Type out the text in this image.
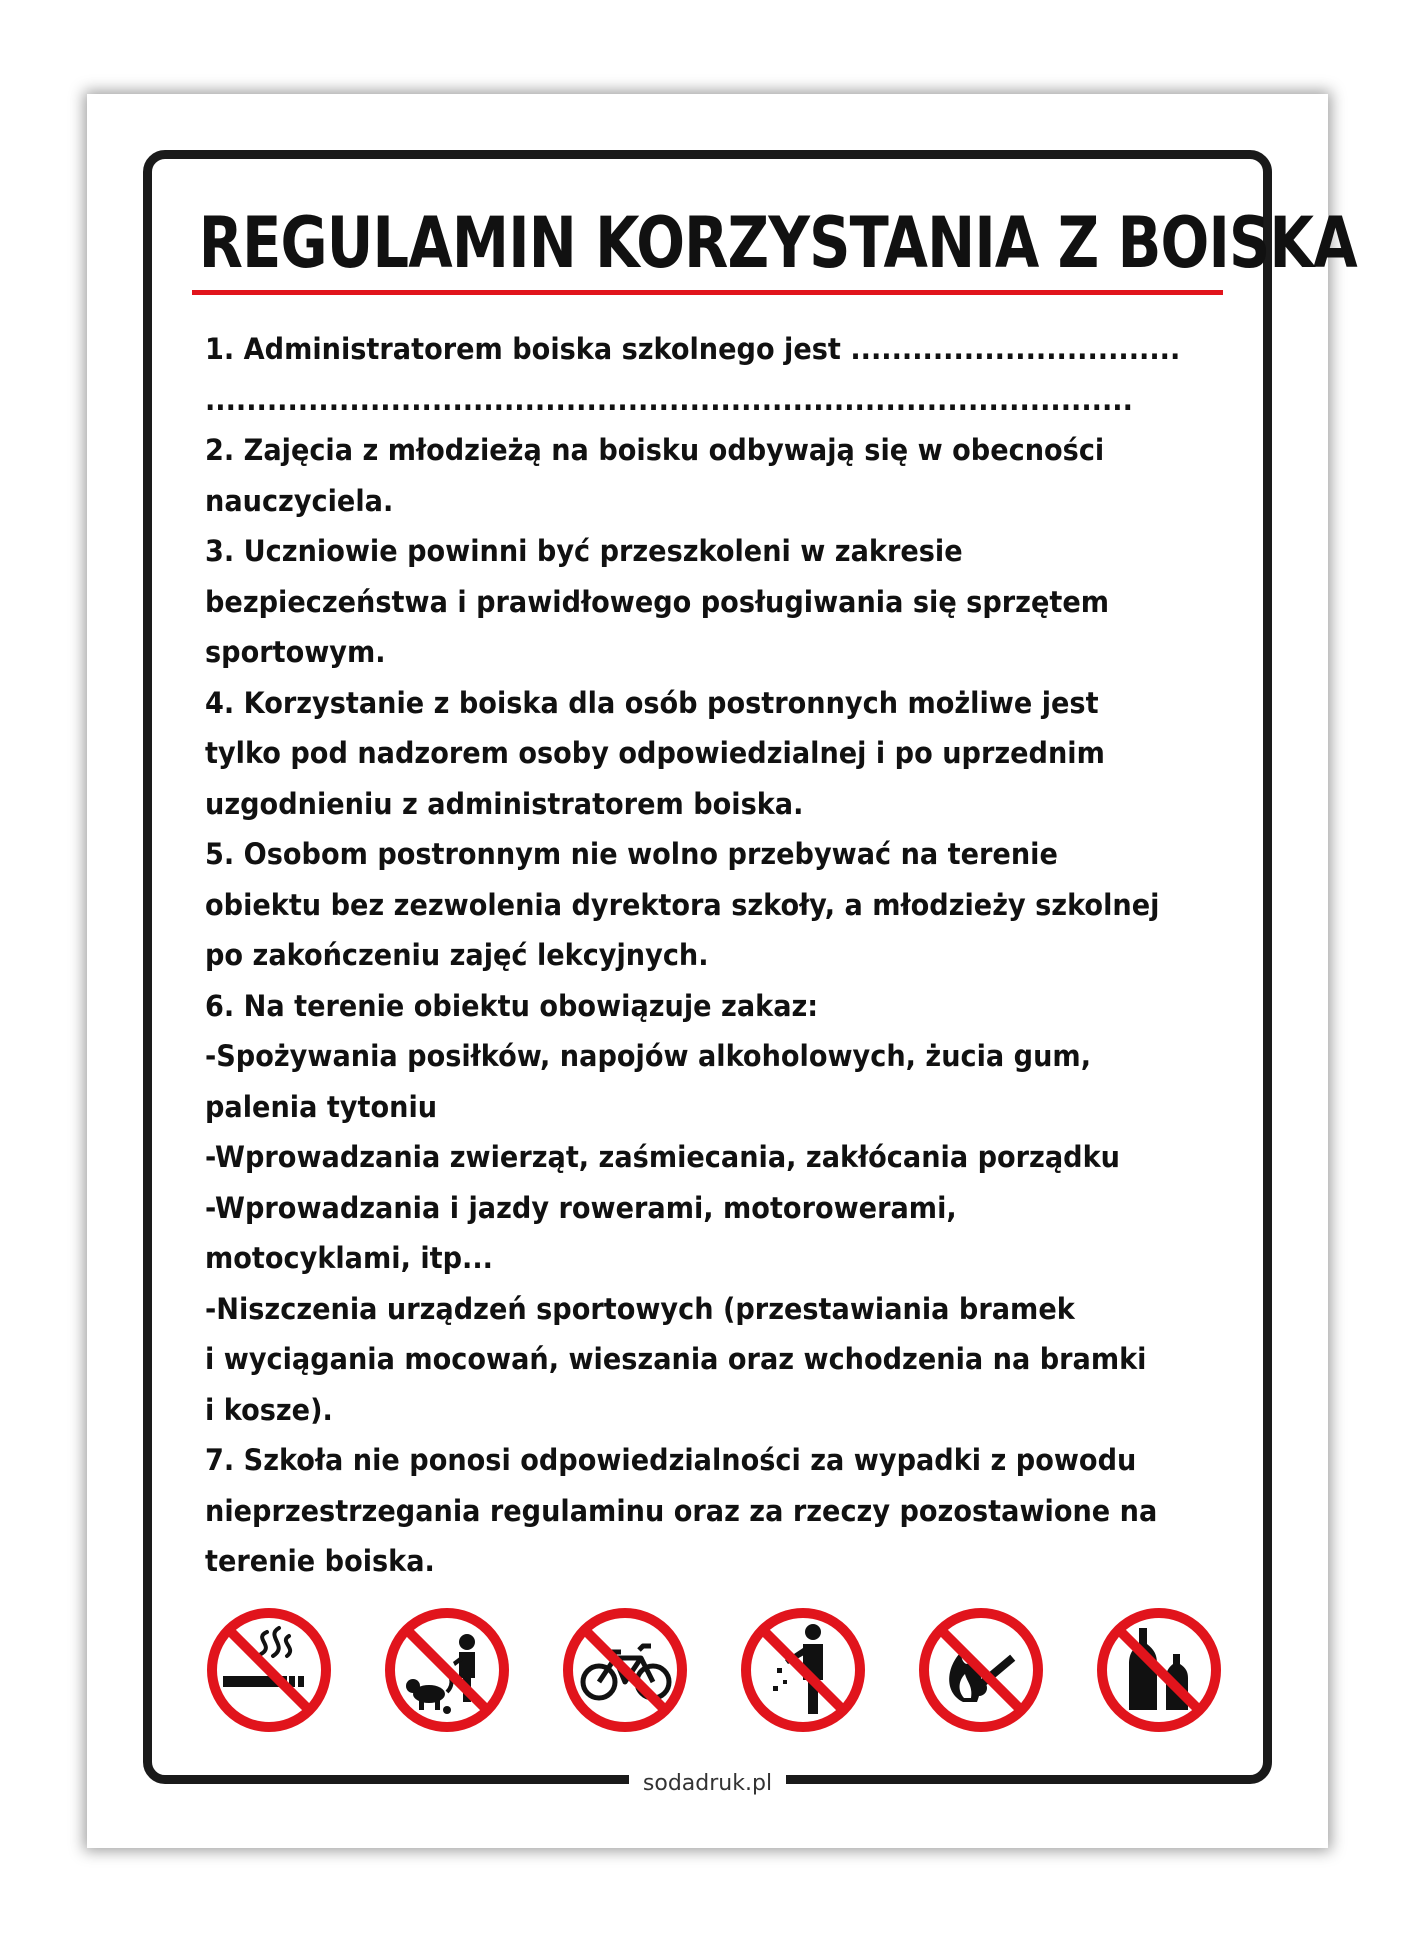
REGULAMIN KORZYSTANIA Z BOISKA
1. Administratorem boiska szkolnego jest ................................
..........................................................................................
2. Zajęcia z młodzieżą na boisku odbywają się w obecności
nauczyciela.
3. Uczniowie powinni być przeszkoleni w zakresie
bezpieczeństwa i prawidłowego posługiwania się sprzętem
sportowym.
4. Korzystanie z boiska dla osób postronnych możliwe jest
tylko pod nadzorem osoby odpowiedzialnej i po uprzednim
uzgodnieniu z administratorem boiska.
5. Osobom postronnym nie wolno przebywać na terenie
obiektu bez zezwolenia dyrektora szkoły, a młodzieży szkolnej
po zakończeniu zajęć lekcyjnych.
6. Na terenie obiektu obowiązuje zakaz:
-Spożywania posiłków, napojów alkoholowych, żucia gum,
palenia tytoniu
-Wprowadzania zwierząt, zaśmiecania, zakłócania porządku
-Wprowadzania i jazdy rowerami, motorowerami,
motocyklami, itp...
-Niszczenia urządzeń sportowych (przestawiania bramek
i wyciągania mocowań, wieszania oraz wchodzenia na bramki
i kosze).
7. Szkoła nie ponosi odpowiedzialności za wypadki z powodu
nieprzestrzegania regulaminu oraz za rzeczy pozostawione na
terenie boiska.
sodadruk.pl
